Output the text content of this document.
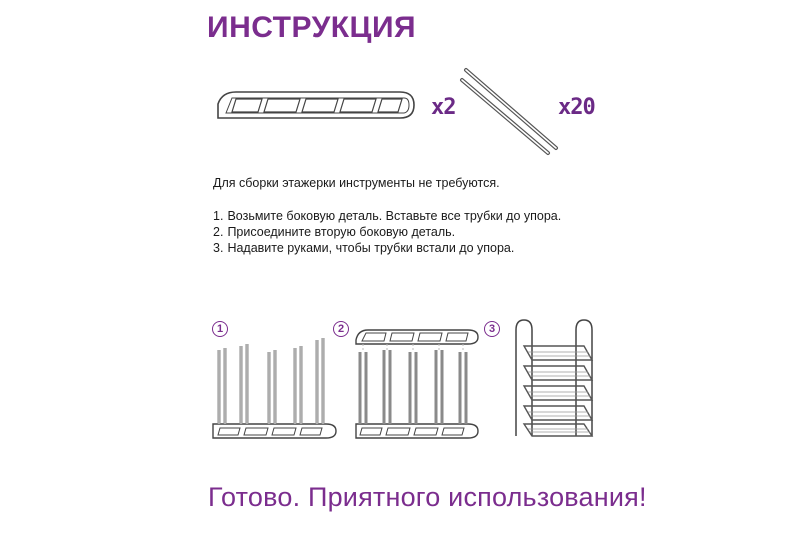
ИНСТРУКЦИЯ
x2	x20

Для сборки этажерки инструменты не требуются.

1. Возьмите боковую деталь. Вставьте все трубки до упора.
2. Присоедините вторую боковую деталь.
3. Надавите руками, чтобы трубки встали до упора.
1	2	3

Готово. Приятного использования!
